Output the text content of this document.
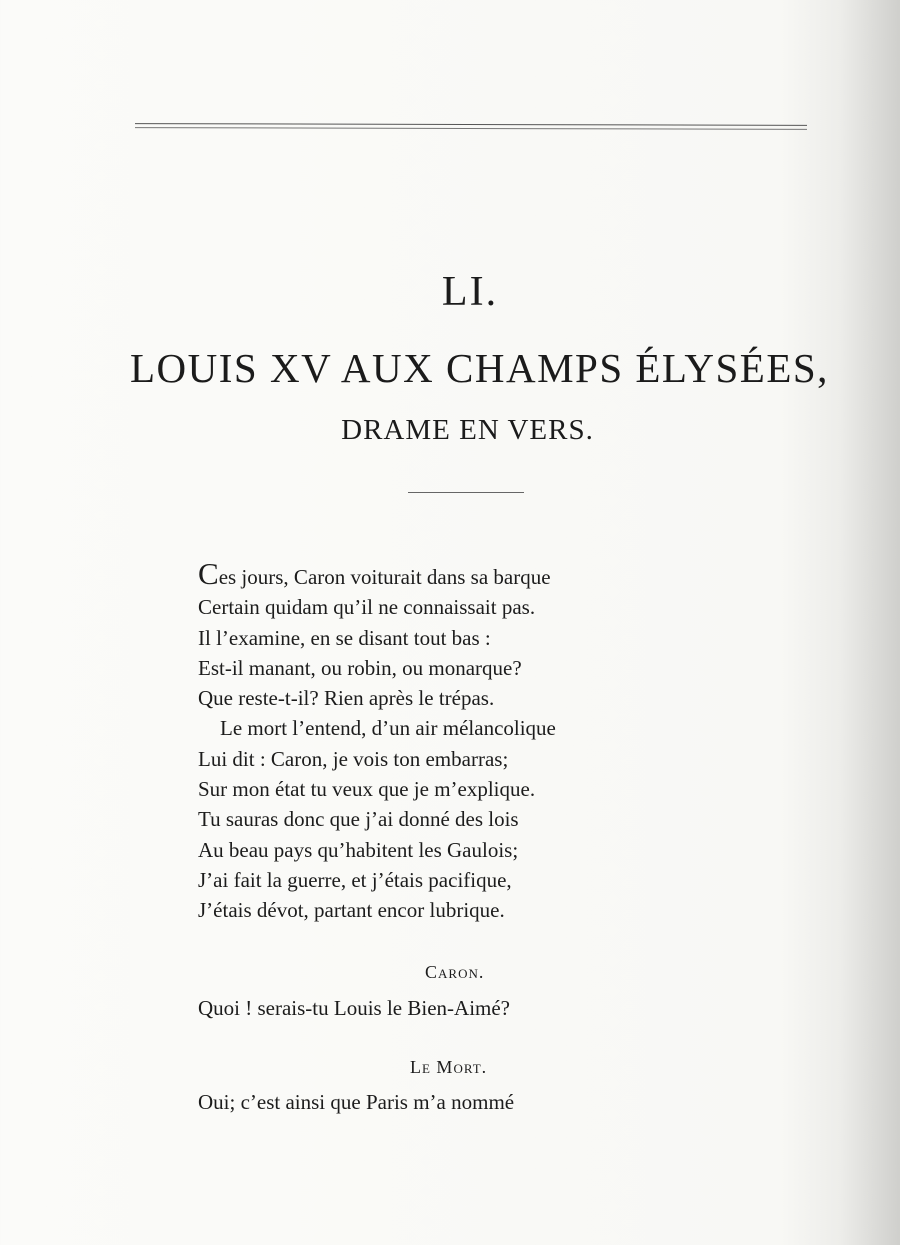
LI.
LOUIS XV AUX CHAMPS ÉLYSÉES,
DRAME EN VERS.
Ces jours, Caron voiturait dans sa barque
Certain quidam qu’il ne connaissait pas.
Il l’examine, en se disant tout bas :
Est-il manant, ou robin, ou monarque?
Que reste-t-il? Rien après le trépas.
Le mort l’entend, d’un air mélancolique
Lui dit : Caron, je vois ton embarras;
Sur mon état tu veux que je m’explique.
Tu sauras donc que j’ai donné des lois
Au beau pays qu’habitent les Gaulois;
J’ai fait la guerre, et j’étais pacifique,
J’étais dévot, partant encor lubrique.
Caron.
Quoi ! serais-tu Louis le Bien-Aimé?
Le Mort.
Oui; c’est ainsi que Paris m’a nommé
